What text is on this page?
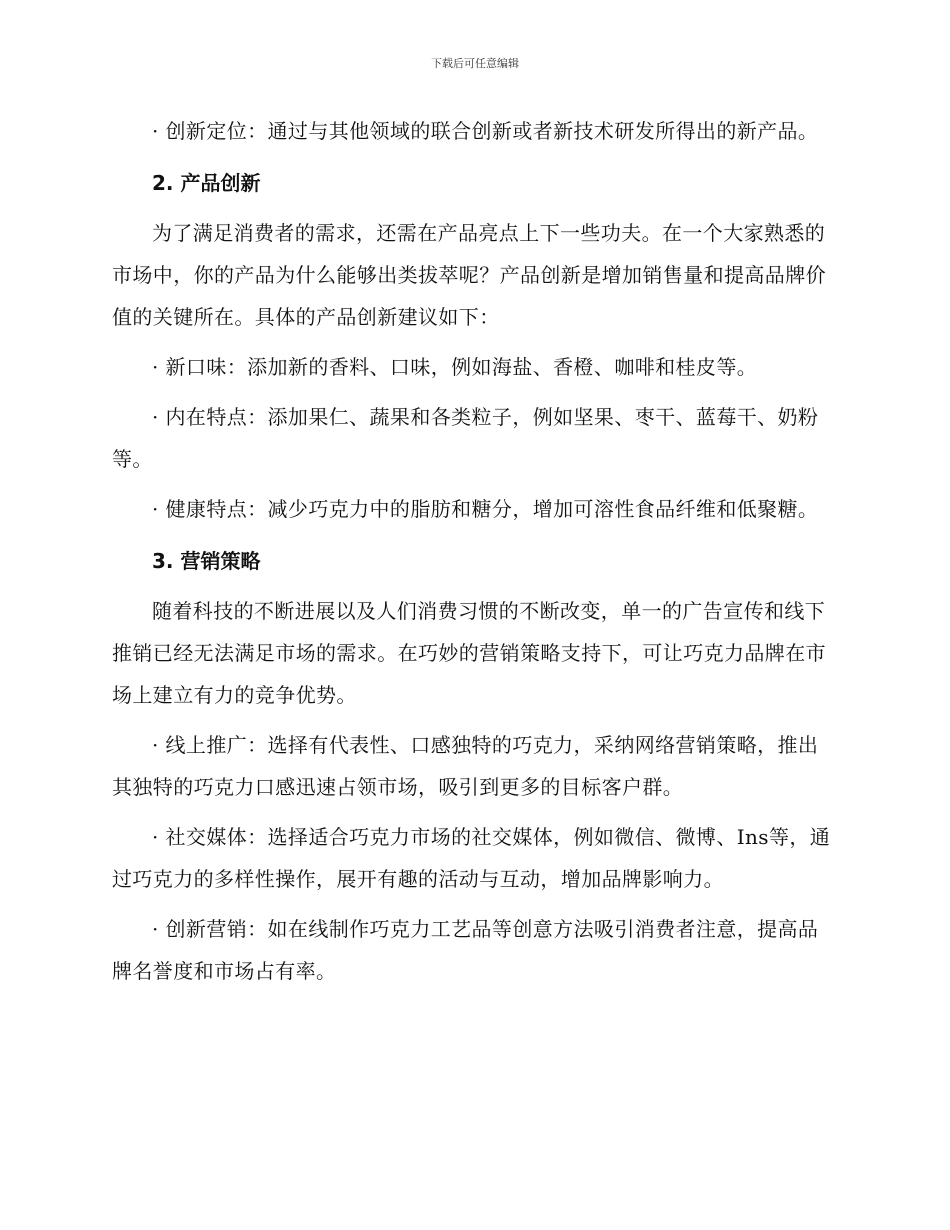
下载后可任意编辑

· 创新定位：通过与其他领域的联合创新或者新技术研发所得出的新产品。

2. 产品创新

为了满足消费者的需求，还需在产品亮点上下一些功夫。在一个大家熟悉的市场中，你的产品为什么能够出类拔萃呢？产品创新是增加销售量和提高品牌价值的关键所在。具体的产品创新建议如下：

· 新口味：添加新的香料、口味，例如海盐、香橙、咖啡和桂皮等。

· 内在特点：添加果仁、蔬果和各类粒子，例如坚果、枣干、蓝莓干、奶粉等。

· 健康特点：减少巧克力中的脂肪和糖分，增加可溶性食品纤维和低聚糖。

3. 营销策略

随着科技的不断进展以及人们消费习惯的不断改变，单一的广告宣传和线下推销已经无法满足市场的需求。在巧妙的营销策略支持下，可让巧克力品牌在市场上建立有力的竞争优势。

· 线上推广：选择有代表性、口感独特的巧克力，采纳网络营销策略，推出其独特的巧克力口感迅速占领市场，吸引到更多的目标客户群。

· 社交媒体：选择适合巧克力市场的社交媒体，例如微信、微博、Ins等，通过巧克力的多样性操作，展开有趣的活动与互动，增加品牌影响力。

· 创新营销：如在线制作巧克力工艺品等创意方法吸引消费者注意，提高品牌名誉度和市场占有率。
